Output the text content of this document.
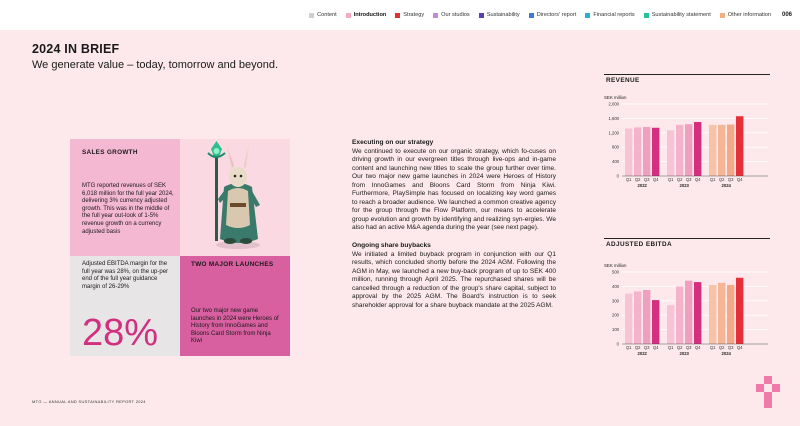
Content	Introduction	Strategy	Our studios	Sustainability	Directors' report	Financial reports	Sustainability statement	Other information 006
2024 IN BRIEF
We generate value – today, tomorrow and beyond.
SALES GROWTH
MTG reported revenues of SEK 6,018 million for the full year 2024, delivering 3% currency adjusted growth. This was in the middle of the full year out-look of 1-5% revenue growth on a currency adjusted basis
Adjusted EBITDA margin for the full year was 28%, on the up-per end of the full year guidance margin of 26-29%
28%
TWO MAJOR LAUNCHES
Our two major new game launches in 2024 were Heroes of History from InnoGames and Bloons Card Storm from Ninja Kiwi
Executing on our strategy

We continued to execute on our organic strategy, which fo-cuses on driving growth in our evergreen titles through live-ops and in-game content and launching new titles to scale the group further over time. Our two major new game launches in 2024 were Heroes of History from InnoGames and Bloons Card Storm from Ninja Kiwi. Furthermore, PlaySimple has focused on localizing key word games to reach a broader audience. We launched a common creative agency for the group through the Flow Platform, our means to accelerate group evolution and growth by identifying and realizing syn-ergies. We also had an active M&A agenda during the year (see next page).

Ongoing share buybacks

We initiated a limited buyback program in conjunction with our Q1 results, which concluded shortly before the 2024 AGM. Following the AGM in May, we launched a new buy-back program of up to SEK 400 million, running through April 2025. The repurchased shares will be cancelled through a reduction of the group's share capital, subject to approval by the 2025 AGM. The Board's instruction is to seek shareholder approval for a share buyback mandate at the 2025 AGM.

REVENUE
SEK million
0
400
800
1,200
1,600
2,000
Q1 Q2 Q3 Q4
2022
Q1 Q2 Q3 Q4
2023
Q1 Q2 Q3 Q4
2024
ADJUSTED EBITDA
SEK million
0
100
200
300
400
500
Q1 Q2 Q3 Q4
2022
Q1 Q2 Q3 Q4
2023
Q1 Q2 Q3 Q4
2024
MTG — ANNUAL AND SUSTAINABILITY REPORT 2024
